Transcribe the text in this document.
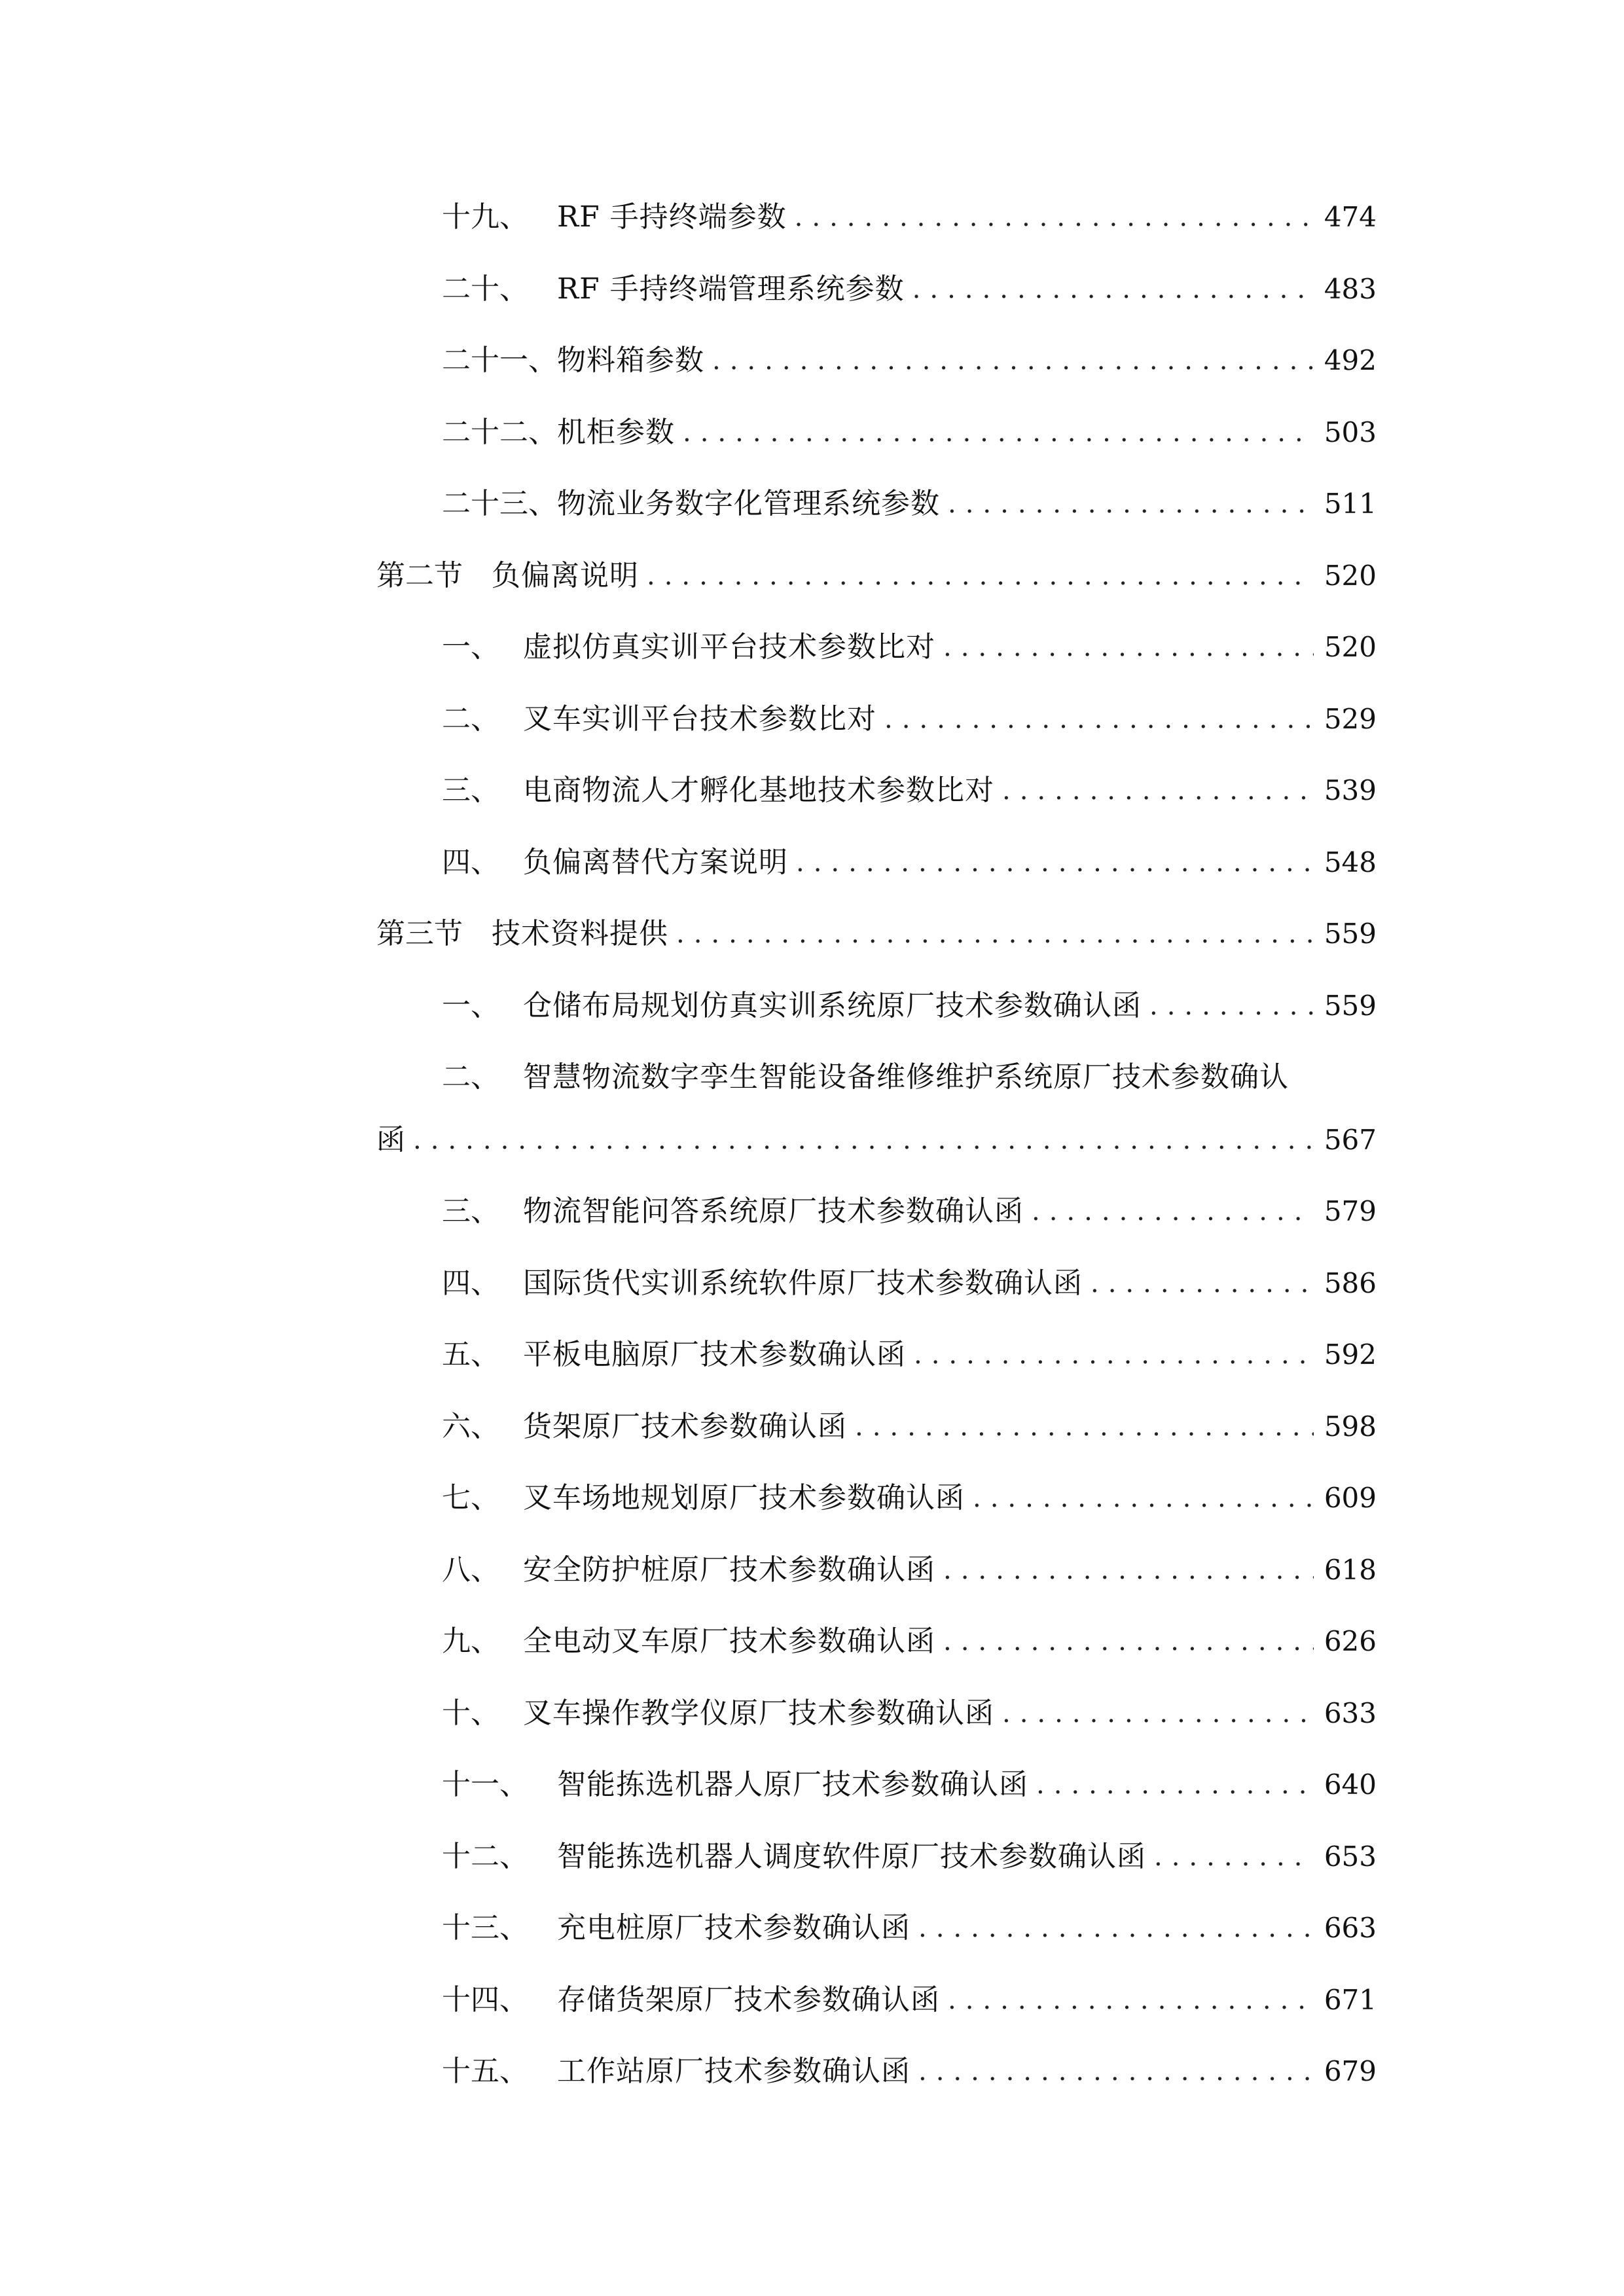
十九、	RF 手持终端参数 .....	474
二十、	RF 手持终端管理系统参数 .....	483
二十一、 物料箱参数 .....	492
二十二、 机柜参数 .....	503
二十三、 物流业务数字化管理系统参数 .....	511
第二节	负偏离说明 .....	520
一、 虚拟仿真实训平台技术参数比对 .....	520
二、 叉车实训平台技术参数比对 .....	529
三、 电商物流人才孵化基地技术参数比对 .....	539
四、 负偏离替代方案说明 .....	548
第三节	技术资料提供 .....	559
一、 仓储布局规划仿真实训系统原厂技术参数确认函 .....	559
二、 智慧物流数字孪生智能设备维修维护系统原厂技术参数确认
函 .....	567
三、 物流智能问答系统原厂技术参数确认函 .....	579
四、 国际货代实训系统软件原厂技术参数确认函 .....	586
五、 平板电脑原厂技术参数确认函 .....	592
六、 货架原厂技术参数确认函 .....	598
七、 叉车场地规划原厂技术参数确认函 .....	609
八、 安全防护桩原厂技术参数确认函 .....	618
九、 全电动叉车原厂技术参数确认函 .....	626
十、 叉车操作教学仪原厂技术参数确认函 .....	633
十一、	智能拣选机器人原厂技术参数确认函 .....	640
十二、	智能拣选机器人调度软件原厂技术参数确认函 .....	653
十三、	充电桩原厂技术参数确认函 .....	663
十四、	存储货架原厂技术参数确认函 .....	671
十五、	工作站原厂技术参数确认函 .....	679
